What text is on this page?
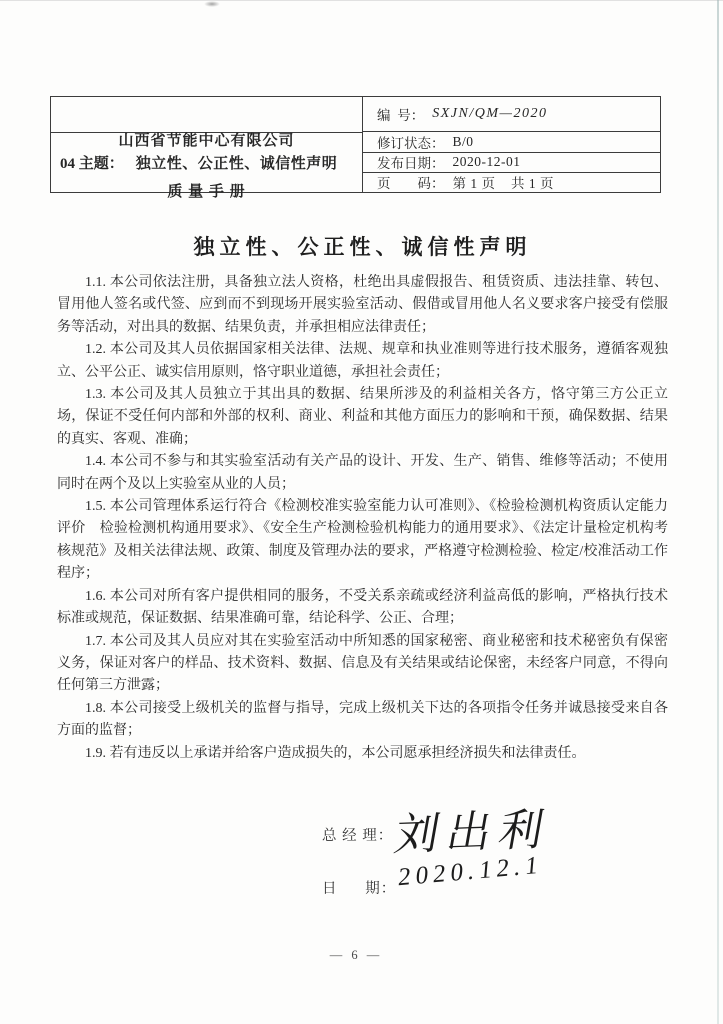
山西省节能中心有限公司

质 量 手 册

04 主题： 独立性、公正性、诚信性声明
编  号： SXJN/QM—2020
修订状态： B/0
发布日期： 2020-12-01
页        码： 第 1 页    共 1 页
独立性、公正性、诚信性声明

1.1. 本公司依法注册，具备独立法人资格，杜绝出具虚假报告、租赁资质、违法挂靠、转包、冒用他人签名或代签、应到而不到现场开展实验室活动、假借或冒用他人名义要求客户接受有偿服务等活动，对出具的数据、结果负责，并承担相应法律责任；

1.2. 本公司及其人员依据国家相关法律、法规、规章和执业准则等进行技术服务，遵循客观独立、公平公正、诚实信用原则，恪守职业道德，承担社会责任；

1.3. 本公司及其人员独立于其出具的数据、结果所涉及的利益相关各方，恪守第三方公正立场，保证不受任何内部和外部的权利、商业、利益和其他方面压力的影响和干预，确保数据、结果的真实、客观、准确；

1.4. 本公司不参与和其实验室活动有关产品的设计、开发、生产、销售、维修等活动；不使用同时在两个及以上实验室从业的人员；

1.5. 本公司管理体系运行符合《检测校准实验室能力认可准则》、《检验检测机构资质认定能力评价　检验检测机构通用要求》、《安全生产检测检验机构能力的通用要求》、《法定计量检定机构考核规范》及相关法律法规、政策、制度及管理办法的要求，严格遵守检测检验、检定/校准活动工作程序；

1.6. 本公司对所有客户提供相同的服务，不受关系亲疏或经济利益高低的影响，严格执行技术标准或规范，保证数据、结果准确可靠，结论科学、公正、合理；

1.7. 本公司及其人员应对其在实验室活动中所知悉的国家秘密、商业秘密和技术秘密负有保密义务，保证对客户的样品、技术资料、数据、信息及有关结果或结论保密，未经客户同意，不得向任何第三方泄露；

1.8. 本公司接受上级机关的监督与指导，完成上级机关下达的各项指令任务并诚恳接受来自各方面的监督；

1.9. 若有违反以上承诺并给客户造成损失的，本公司愿承担经济损失和法律责任。

总 经 理：
刘出利
日      期： 2020.12.1
— 6 —
